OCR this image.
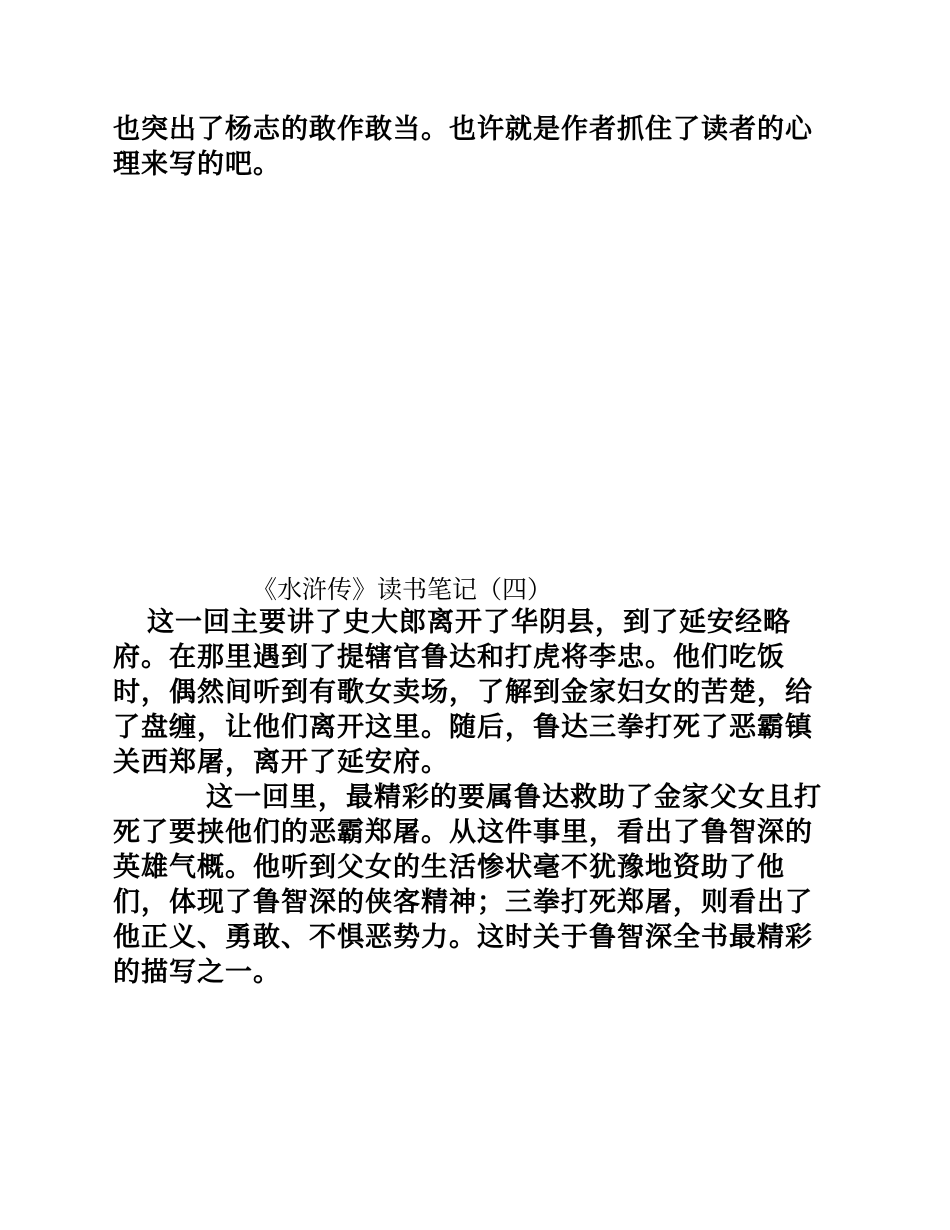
也突出了杨志的敢作敢当。也许就是作者抓住了读者的心理来写的吧。

《水浒传》读书笔记（四）

这一回主要讲了史大郎离开了华阴县，到了延安经略府。在那里遇到了提辖官鲁达和打虎将李忠。他们吃饭时，偶然间听到有歌女卖场，了解到金家妇女的苦楚，给了盘缠，让他们离开这里。随后，鲁达三拳打死了恶霸镇关西郑屠，离开了延安府。

这一回里，最精彩的要属鲁达救助了金家父女且打死了要挟他们的恶霸郑屠。从这件事里，看出了鲁智深的英雄气概。他听到父女的生活惨状毫不犹豫地资助了他们，体现了鲁智深的侠客精神；三拳打死郑屠，则看出了他正义、勇敢、不惧恶势力。这时关于鲁智深全书最精彩的描写之一。
